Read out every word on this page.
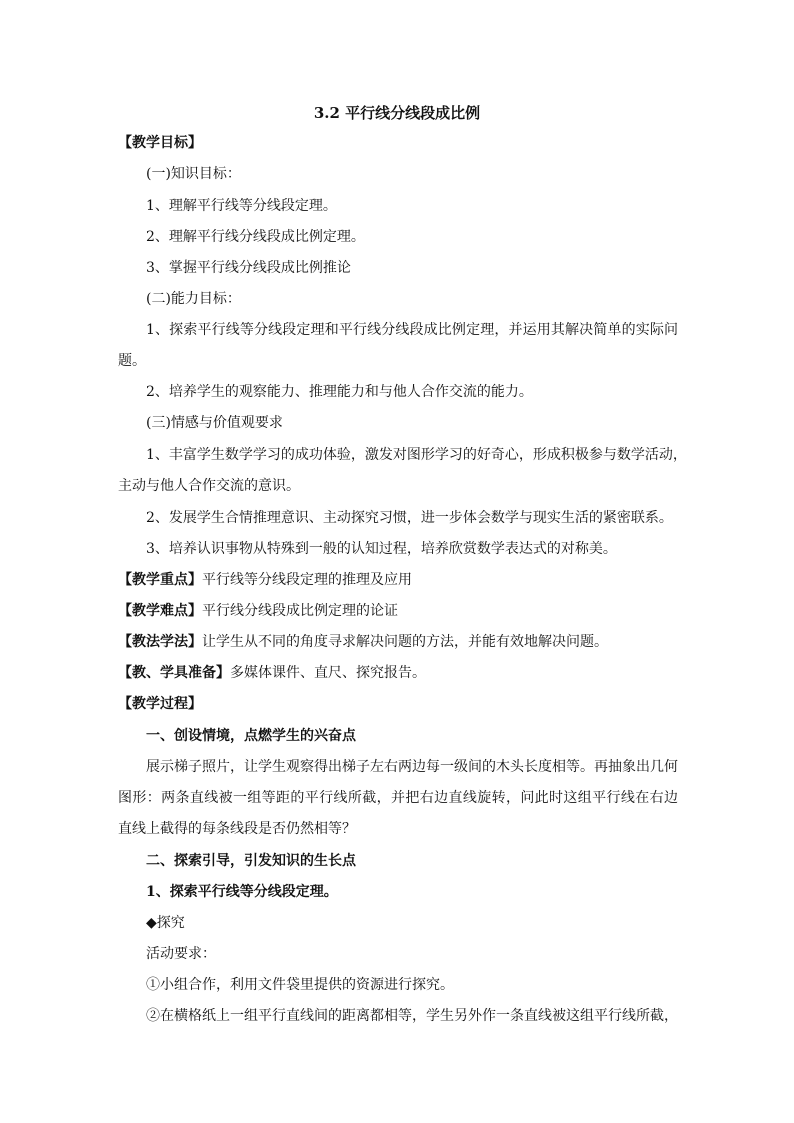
3.2 平行线分线段成比例
【教学目标】
(一)知识目标：
1、理解平行线等分线段定理。
2、理解平行线分线段成比例定理。
3、掌握平行线分线段成比例推论
(二)能力目标：
1、探索平行线等分线段定理和平行线分线段成比例定理，并运用其解决简单的实际问
题。
2、培养学生的观察能力、推理能力和与他人合作交流的能力。
(三)情感与价值观要求
1、丰富学生数学学习的成功体验，激发对图形学习的好奇心，形成积极参与数学活动，
主动与他人合作交流的意识。
2、发展学生合情推理意识、主动探究习惯，进一步体会数学与现实生活的紧密联系。
3、培养认识事物从特殊到一般的认知过程，培养欣赏数学表达式的对称美。
【教学重点】平行线等分线段定理的推理及应用
【教学难点】平行线分线段成比例定理的论证
【教法学法】让学生从不同的角度寻求解决问题的方法，并能有效地解决问题。
【教、学具准备】多媒体课件、直尺、探究报告。
【教学过程】
一、创设情境，点燃学生的兴奋点
展示梯子照片，让学生观察得出梯子左右两边每一级间的木头长度相等。再抽象出几何
图形：两条直线被一组等距的平行线所截，并把右边直线旋转，问此时这组平行线在右边
直线上截得的每条线段是否仍然相等？
二、探索引导，引发知识的生长点
1、探索平行线等分线段定理。
◆探究
活动要求：
①小组合作，利用文件袋里提供的资源进行探究。
②在横格纸上一组平行直线间的距离都相等，学生另外作一条直线被这组平行线所截，
